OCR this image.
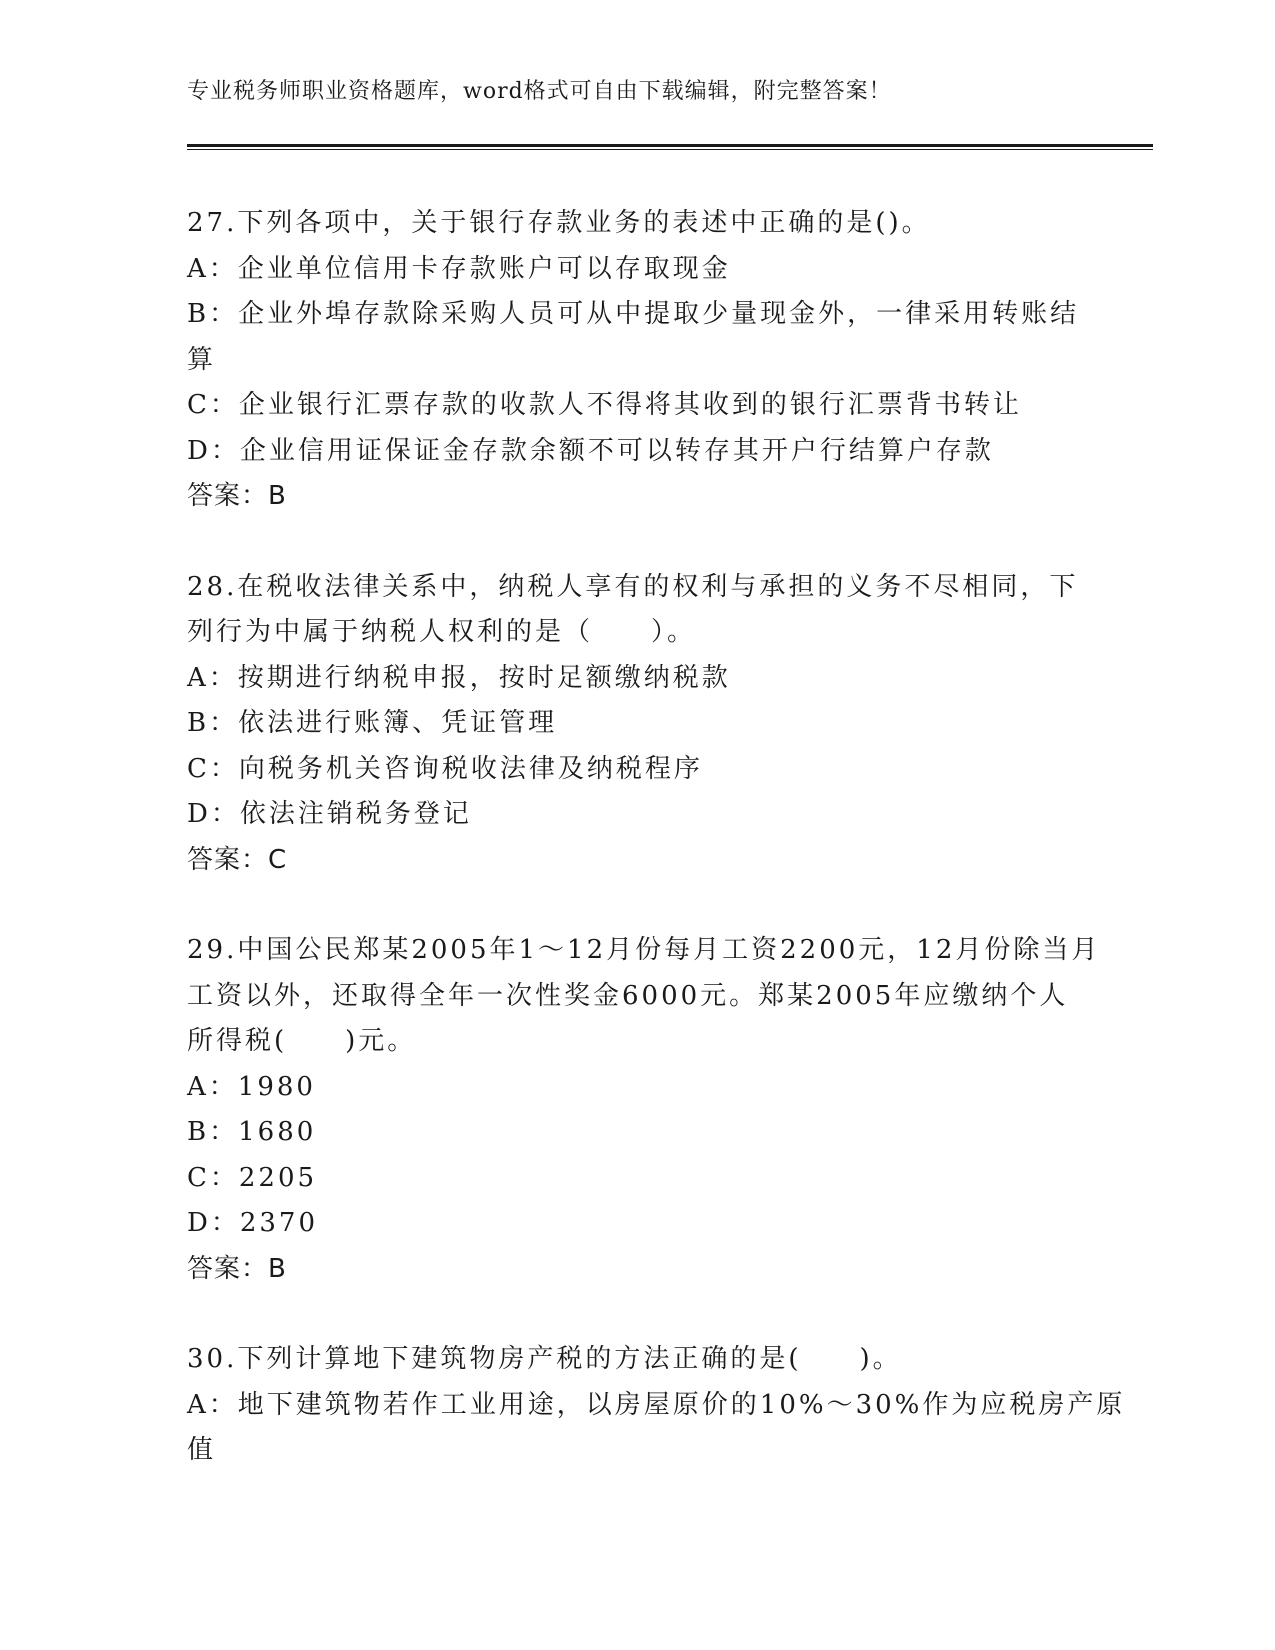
专业税务师职业资格题库，word格式可自由下载编辑，附完整答案！
27.下列各项中，关于银行存款业务的表述中正确的是()。
A：企业单位信用卡存款账户可以存取现金
B：企业外埠存款除采购人员可从中提取少量现金外，一律采用转账结
算
C：企业银行汇票存款的收款人不得将其收到的银行汇票背书转让
D：企业信用证保证金存款余额不可以转存其开户行结算户存款
答案：B
28.在税收法律关系中，纳税人享有的权利与承担的义务不尽相同，下
列行为中属于纳税人权利的是（　　）。
A：按期进行纳税申报，按时足额缴纳税款
B：依法进行账簿、凭证管理
C：向税务机关咨询税收法律及纳税程序
D：依法注销税务登记
答案：C
29.中国公民郑某2005年1～12月份每月工资2200元，12月份除当月
工资以外，还取得全年一次性奖金6000元。郑某2005年应缴纳个人
所得税(　　)元。
A：1980
B：1680
C：2205
D：2370
答案：B
30.下列计算地下建筑物房产税的方法正确的是(　　)。
A：地下建筑物若作工业用途，以房屋原价的10%～30%作为应税房产原
值
